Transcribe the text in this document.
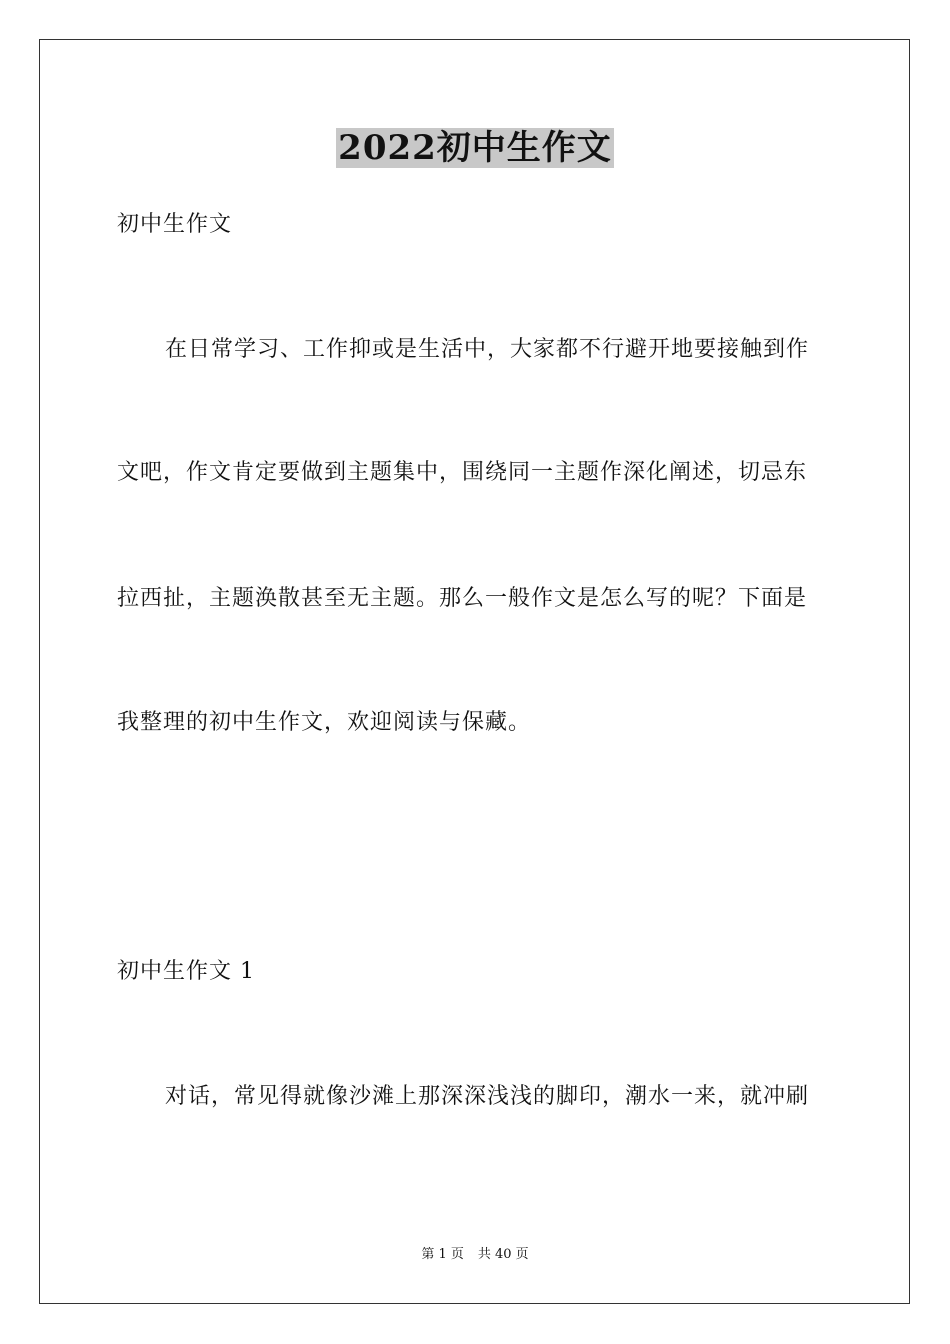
2022初中生作文
初中生作文
在日常学习、工作抑或是生活中，大家都不行避开地要接触到作
文吧，作文肯定要做到主题集中，围绕同一主题作深化阐述，切忌东
拉西扯，主题涣散甚至无主题。那么一般作文是怎么写的呢？下面是
我整理的初中生作文，欢迎阅读与保藏。
初中生作文 1
对话，常见得就像沙滩上那深深浅浅的脚印，潮水一来，就冲刷
第 1 页 共 40 页
